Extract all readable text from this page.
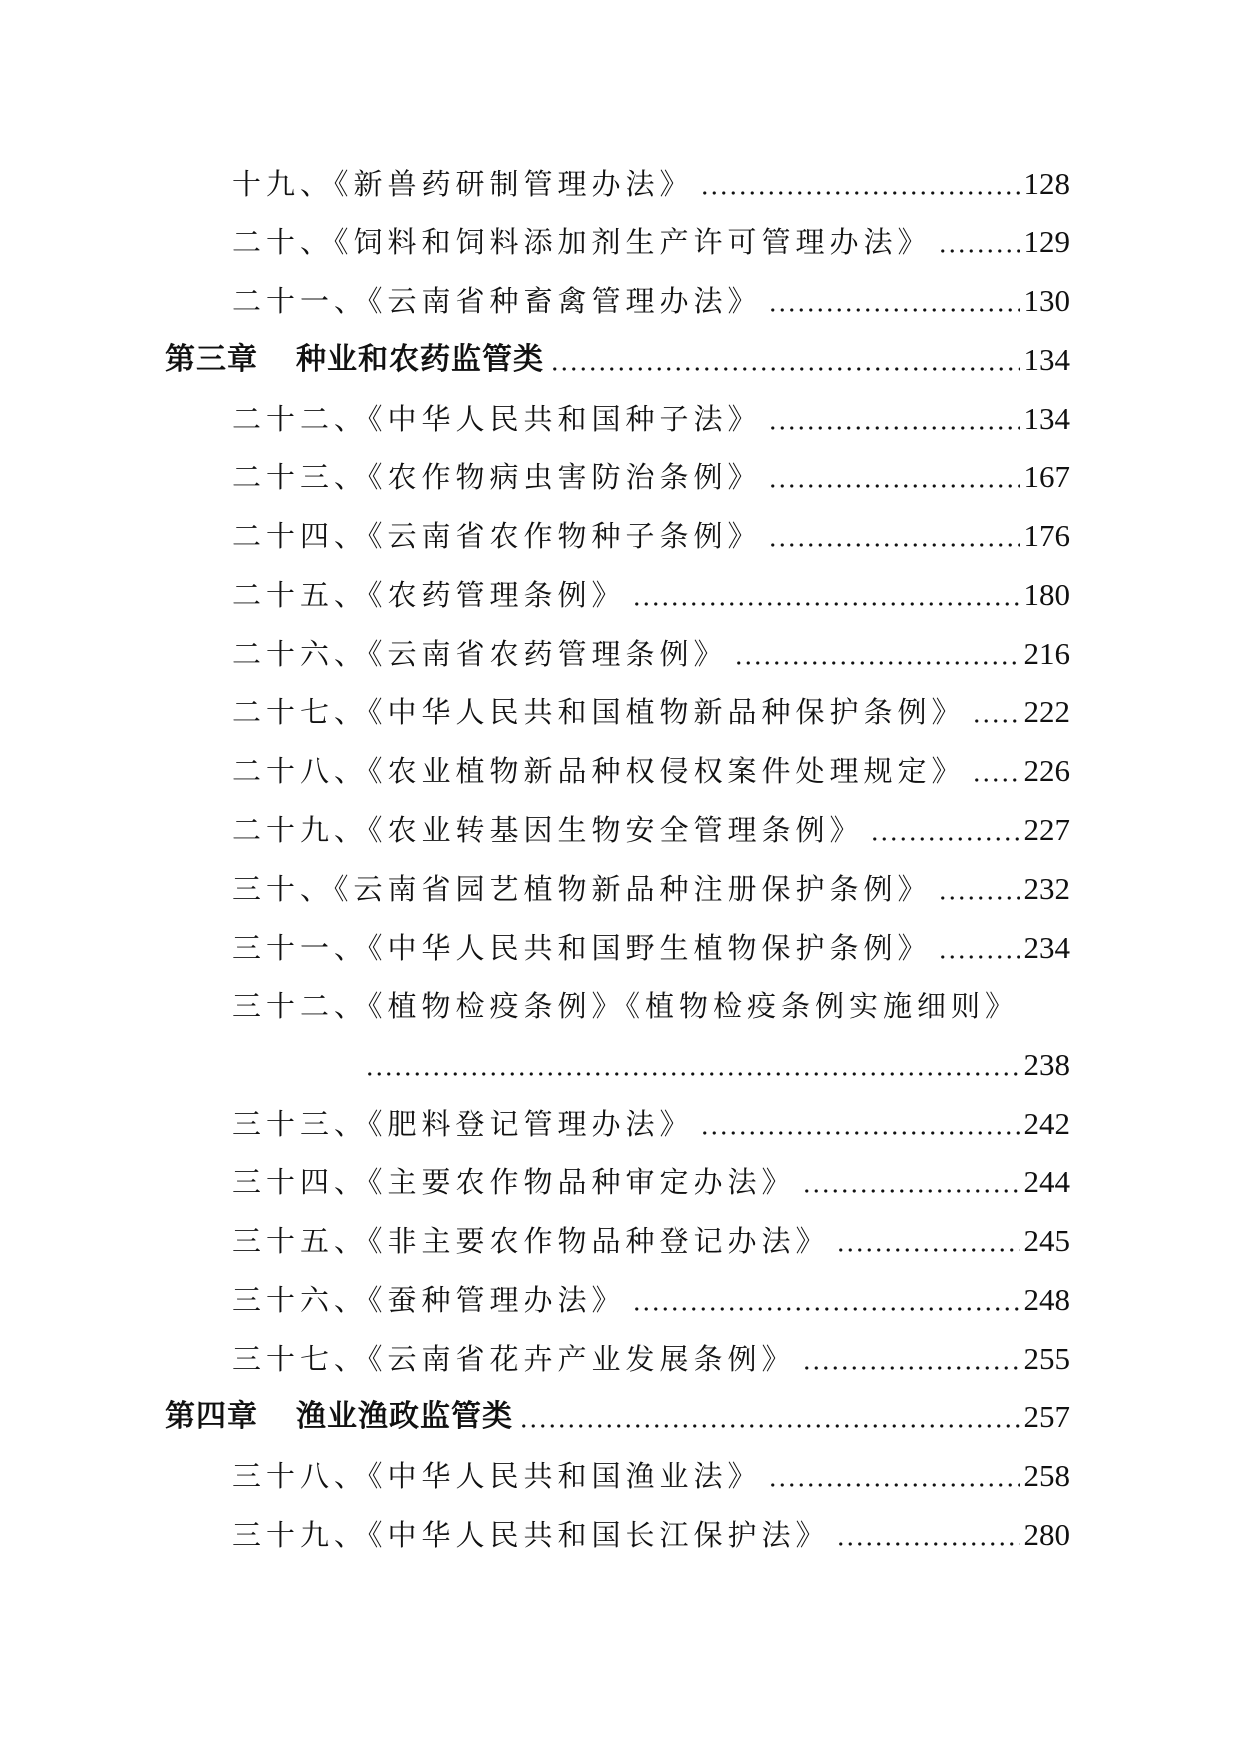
十九、《新兽药研制管理办法》	128
二十、《饲料和饲料添加剂生产许可管理办法》	129
二十一、《云南省种畜禽管理办法》	130
第三章 种业和农药监管类	134
二十二、《中华人民共和国种子法》	134
二十三、《农作物病虫害防治条例》	167
二十四、《云南省农作物种子条例》	176
二十五、《农药管理条例》	180
二十六、《云南省农药管理条例》	216
二十七、《中华人民共和国植物新品种保护条例》 222
二十八、《农业植物新品种权侵权案件处理规定》 226
二十九、《农业转基因生物安全管理条例》	227
三十、《云南省园艺植物新品种注册保护条例》	232
三十一、《中华人民共和国野生植物保护条例》	234
三十二、《植物检疫条例》《植物检疫条例实施细则》
238
三十三、《肥料登记管理办法》	242
三十四、《主要农作物品种审定办法》	244
三十五、《非主要农作物品种登记办法》	245
三十六、《蚕种管理办法》	248
三十七、《云南省花卉产业发展条例》	255
第四章 渔业渔政监管类	257
三十八、《中华人民共和国渔业法》	258
三十九、《中华人民共和国长江保护法》	280
